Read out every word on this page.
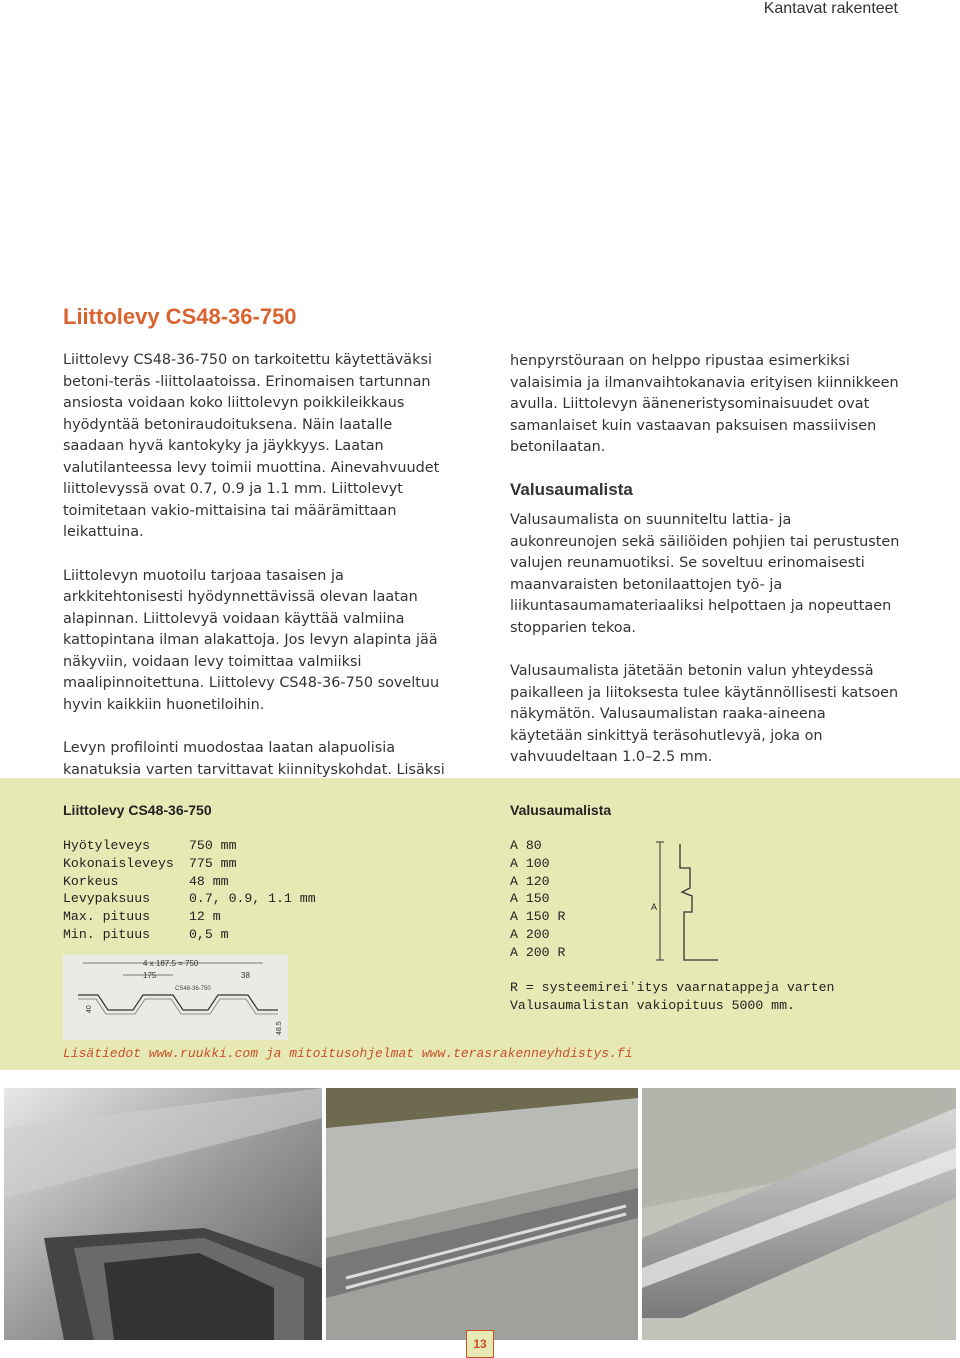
Kantavat rakenteet
Liittolevy CS48-36-750

Liittolevy CS48-36-750 on tarkoitettu käytettäväksi betoni-teräs -liittolaatoissa. Erinomaisen tartunnan ansiosta voidaan koko liittolevyn poikkileikkaus hyödyntää betoniraudoituksena. Näin laatalle saadaan hyvä kantokyky ja jäykkyys. Laatan valutilanteessa levy toimii muottina. Ainevahvuudet liittolevyssä ovat 0.7, 0.9 ja 1.1 mm. Liittolevyt toimitetaan vakio-mittaisina tai määrämittaan leikattuina.

Liittolevyn muotoilu tarjoaa tasaisen ja arkkitehtonisesti hyödynnettävissä olevan laatan alapinnan. Liittolevyä voidaan käyttää valmiina kattopintana ilman alakattoja. Jos levyn alapinta jää näkyviin, voidaan levy toimittaa valmiiksi maalipinnoitettuna. Liittolevy CS48-36-750 soveltuu hyvin kaikkiin huonetiloihin.

Levyn profilointi muodostaa laatan alapuolisia kanatuksia varten tarvittavat kiinnityskohdat. Lisäksi

henpyrstöuraan on helppo ripustaa esimerkiksi valaisimia ja ilmanvaihtokanavia erityisen kiinnikkeen avulla. Liittolevyn ääneneristysominaisuudet ovat samanlaiset kuin vastaavan paksuisen massiivisen betonilaatan.

Valusaumalista

Valusaumalista on suunniteltu lattia- ja aukonreunojen sekä säiliöiden pohjien tai perustusten valujen reunamuotiksi. Se soveltuu erinomaisesti maanvaraisten betonilaattojen työ- ja liikuntasaumamateriaaliksi helpottaen ja nopeuttaen stopparien tekoa.

Valusaumalista jätetään betonin valun yhteydessä paikalleen ja liitoksesta tulee käytännöllisesti katsoen näkymätön. Valusaumalistan raaka-aineena käytetään sinkittyä teräsohutlevyä, joka on vahvuudeltaan 1.0–2.5 mm.

Liittolevy CS48-36-750
Hyötyleveys	750 mm
Kokonaisleveys	775 mm
Korkeus	48 mm
Levypaksuus	0.7, 0.9, 1.1 mm
Max. pituus	12 m
Min. pituus	0,5 m
4 x 187.5 = 750
175	38
CS48-36-750
40
48.5
Valusaumalista
A 80
A 100
A 120
A 150
A 150 R
A 200
A 200 R
A
R = systeemireiʼitys vaarnatappeja varten
Valusaumalistan vakiopituus 5000 mm.
Lisätiedot www.ruukki.com ja mitoitusohjelmat www.terasrakenneyhdistys.fi
13
